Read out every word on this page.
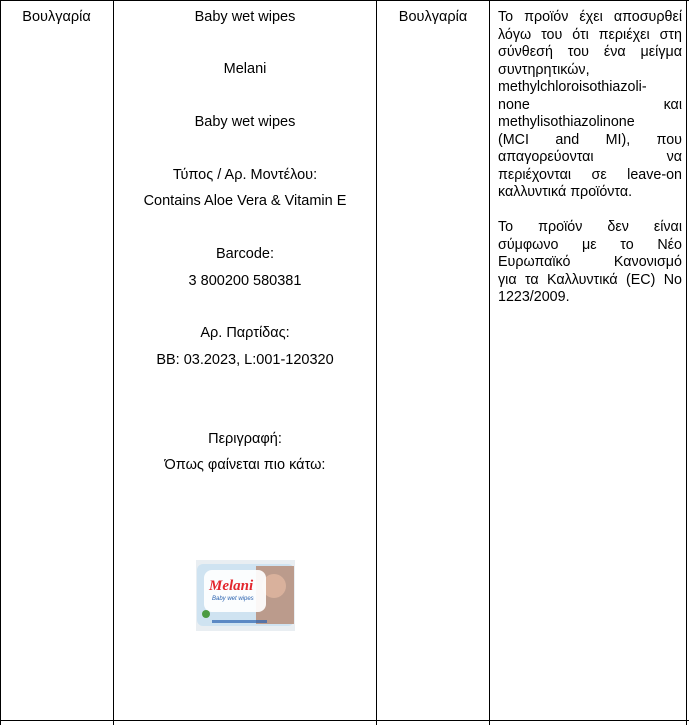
Βουλγαρία	Baby wet wipes
Melani
Baby wet wipes
Τύπος / Αρ. Μοντέλου:
Contains Aloe Vera & Vitamin E
Barcode:
3 800200 580381
Αρ. Παρτίδας:
BB: 03.2023, L:001-120320
Περιγραφή:
Όπως φαίνεται πιο κάτω:
Melani
Baby wet wipes
Βουλγαρία	Το προϊόν έχει αποσυρθεί
λόγω του ότι περιέχει στη
σύνθεσή του ένα μείγμα
συντηρητικών,
methylchloroisothiazoli-
none και
methylisothiazolinone
(MCI and MI), που
απαγορεύονται να
περιέχονται σε leave-on
καλλυντικά προϊόντα.
Το προϊόν δεν είναι
σύμφωνο με το Νέο
Ευρωπαϊκό Κανονισμό
για τα Καλλυντικά (EC) No
1223/2009.
